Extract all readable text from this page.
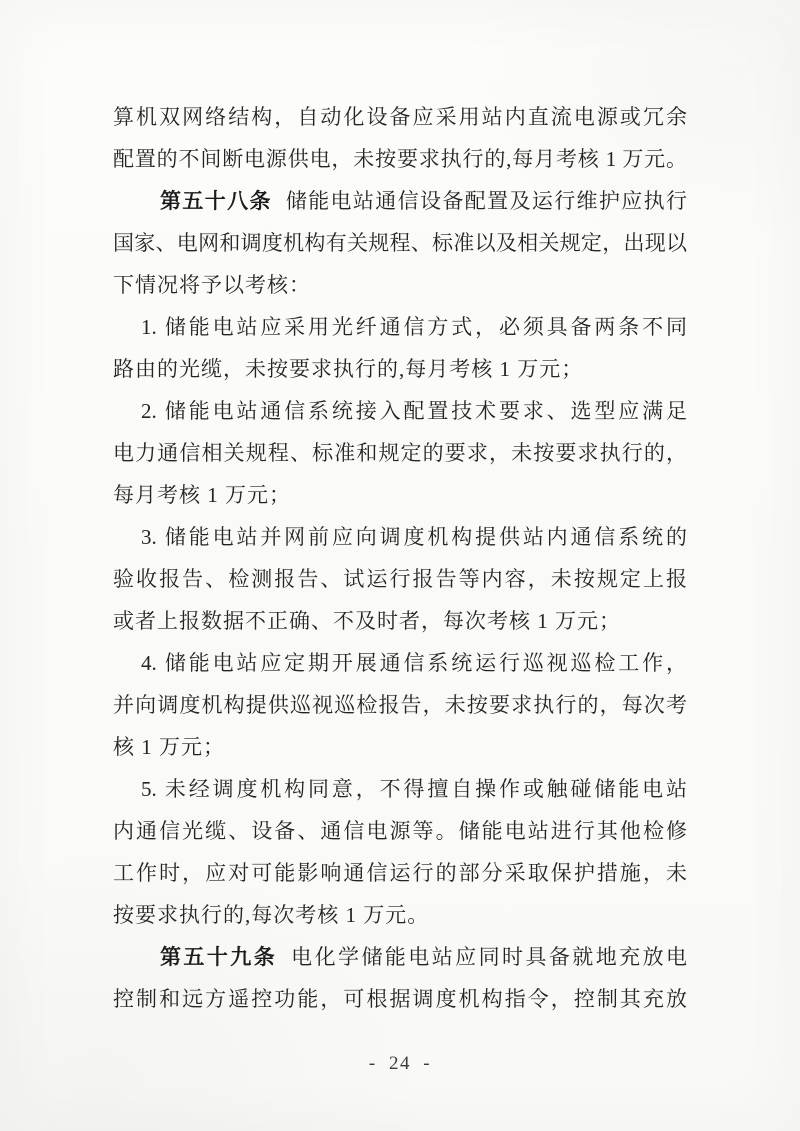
算机双网络结构，自动化设备应采用站内直流电源或冗余
配置的不间断电源供电，未按要求执行的,每月考核 1 万元。
第五十八条 储能电站通信设备配置及运行维护应执行
国家、电网和调度机构有关规程、标准以及相关规定，出现以
下情况将予以考核：
1. 储能电站应采用光纤通信方式，必须具备两条不同
路由的光缆，未按要求执行的,每月考核 1 万元；
2. 储能电站通信系统接入配置技术要求、选型应满足
电力通信相关规程、标准和规定的要求，未按要求执行的，
每月考核 1 万元；
3. 储能电站并网前应向调度机构提供站内通信系统的
验收报告、检测报告、试运行报告等内容，未按规定上报
或者上报数据不正确、不及时者，每次考核 1 万元；
4. 储能电站应定期开展通信系统运行巡视巡检工作，
并向调度机构提供巡视巡检报告，未按要求执行的，每次考
核 1 万元；
5. 未经调度机构同意，不得擅自操作或触碰储能电站
内通信光缆、设备、通信电源等。储能电站进行其他检修
工作时，应对可能影响通信运行的部分采取保护措施，未
按要求执行的,每次考核 1 万元。
第五十九条 电化学储能电站应同时具备就地充放电
控制和远方遥控功能，可根据调度机构指令，控制其充放
- 24 -
